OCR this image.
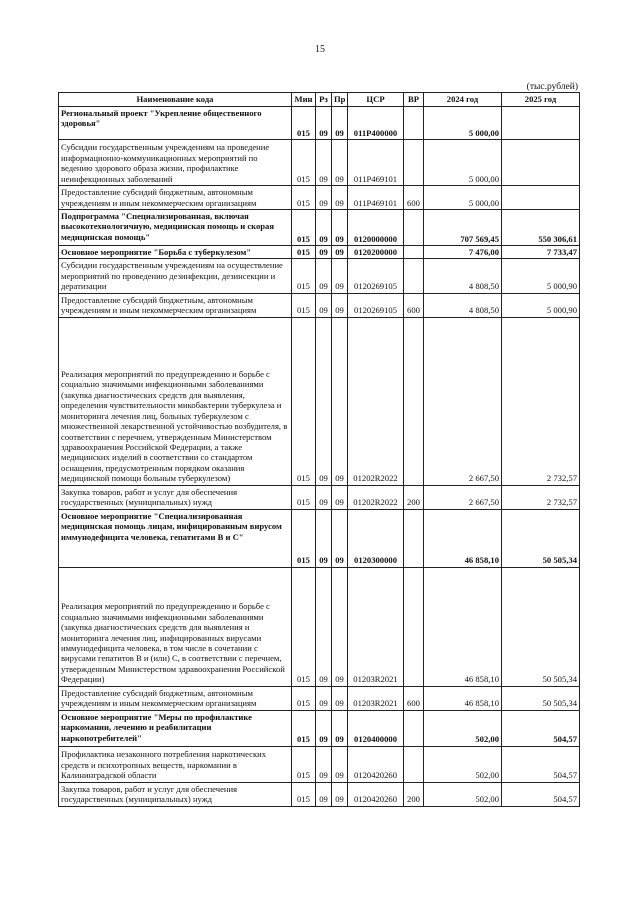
15
(тыс.рублей)
Наименование кода	Мин	Рз	Пр	ЦСР	ВР	2024 год	2025 год
Региональный проект "Укрепление общественного здоровья"	015	09	09	011P400000		5 000,00	
Субсидии государственным учреждениям на проведение информационно-коммуникационных мероприятий по ведению здорового образа жизни, профилактике неинфекционных заболеваний	015	09	09	011P469101		5 000,00	
Предоставление субсидий бюджетным, автономным учреждениям и иным некоммерческим организациям	015	09	09	011P469101	600	5 000,00	
Подпрограмма "Специализированная, включая высокотехнологичную, медицинская помощь и скорая медицинская помощь"	015	09	09	0120000000		707 569,45	550 306,61
Основное мероприятие "Борьба с туберкулезом"	015	09	09	0120200000		7 476,00	7 733,47
Субсидии государственным учреждениям на осуществление мероприятий по проведению дезинфекции, дезинсекции и дератизации	015	09	09	0120269105		4 808,50	5 000,90
Предоставление субсидий бюджетным, автономным учреждениям и иным некоммерческим организациям	015	09	09	0120269105	600	4 808,50	5 000,90
Реализация мероприятий по предупреждению и борьбе с социально значимыми инфекционными заболеваниями (закупка диагностических средств для выявления, определения чувствительности микобактерии туберкулеза и мониторинга лечения лиц, больных туберкулезом с множественной лекарственной устойчивостью возбудителя, в соответствии с перечнем, утвержденным Министерством здравоохранения Российской Федерации, а также медицинских изделий в соответствии со стандартом оснащения, предусмотренным порядком оказания медицинской помощи больным туберкулезом)	015	09	09	01202R2022		2 667,50	2 732,57
Закупка товаров, работ и услуг для обеспечения государственных (муниципальных) нужд	015	09	09	01202R2022	200	2 667,50	2 732,57
Основное мероприятие "Специализированная медицинская помощь лицам, инфицированным вирусом иммунодефицита человека, гепатитами В и С"	015	09	09	0120300000		46 858,10	50 505,34
Реализация мероприятий по предупреждению и борьбе с социально значимыми инфекционными заболеваниями (закупка диагностических средств для выявления и мониторинга лечения лиц, инфицированных вирусами иммунодефицита человека, в том числе в сочетании с вирусами гепатитов В и (или) С, в соответствии с перечнем, утвержденным Министерством здравоохранения Российской Федерации)	015	09	09	01203R2021		46 858,10	50 505,34
Предоставление субсидий бюджетным, автономным учреждениям и иным некоммерческим организациям	015	09	09	01203R2021	600	46 858,10	50 505,34
Основное мероприятие "Меры по профилактике наркомании, лечению и реабилитации наркопотребителей"	015	09	09	0120400000		502,00	504,57
Профилактика незаконного потребления наркотических средств и психотропных веществ, наркомании в Калининградской области	015	09	09	0120420260		502,00	504,57
Закупка товаров, работ и услуг для обеспечения государственных (муниципальных) нужд	015	09	09	0120420260	200	502,00	504,57
